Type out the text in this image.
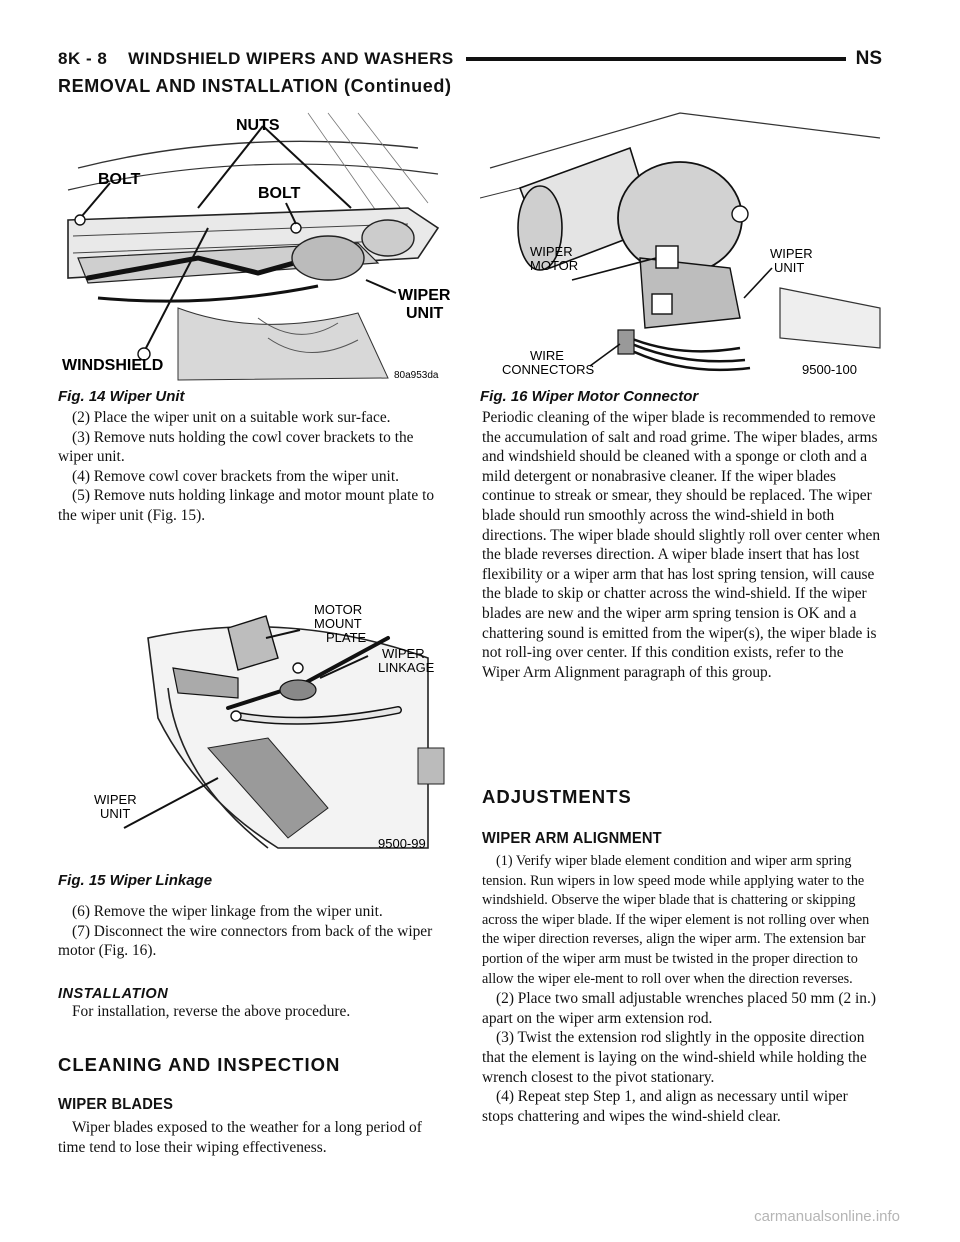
8K - 8    WINDSHIELD WIPERS AND WASHERS	NS
REMOVAL AND INSTALLATION (Continued)
NUTS
BOLT
BOLT
WIPER
UNIT
WINDSHIELD
80a953da
Fig. 14 Wiper Unit

(2) Place the wiper unit on a suitable work sur-face.

(3) Remove nuts holding the cowl cover brackets to the wiper unit.

(4) Remove cowl cover brackets from the wiper unit.

(5) Remove nuts holding linkage and motor mount plate to the wiper unit (Fig. 15).

MOTOR
MOUNT
PLATE
WIPER
LINKAGE
WIPER
UNIT
9500-99
Fig. 15 Wiper Linkage

(6) Remove the wiper linkage from the wiper unit.

(7) Disconnect the wire connectors from back of the wiper motor (Fig. 16).

INSTALLATION

For installation, reverse the above procedure.

CLEANING AND INSPECTION

WIPER BLADES

Wiper blades exposed to the weather for a long period of time tend to lose their wiping effectiveness.

WIPER
MOTOR
WIPER
UNIT
WIRE
CONNECTORS	9500-100
Fig. 16 Wiper Motor Connector

Periodic cleaning of the wiper blade is recommended to remove the accumulation of salt and road grime. The wiper blades, arms and windshield should be cleaned with a sponge or cloth and a mild detergent or nonabrasive cleaner. If the wiper blades continue to streak or smear, they should be replaced. The wiper blade should run smoothly across the wind-shield in both directions. The wiper blade should slightly roll over center when the blade reverses direction. A wiper blade insert that has lost flexibility or a wiper arm that has lost spring tension, will cause the blade to skip or chatter across the wind-shield. If the wiper blades are new and the wiper arm spring tension is OK and a chattering sound is emitted from the wiper(s), the wiper blade is not roll-ing over center. If this condition exists, refer to the Wiper Arm Alignment paragraph of this group.

ADJUSTMENTS

WIPER ARM ALIGNMENT

(1) Verify wiper blade element condition and wiper arm spring tension. Run wipers in low speed mode while applying water to the windshield. Observe the wiper blade that is chattering or skipping across the wiper blade. If the wiper element is not rolling over when the wiper direction reverses, align the wiper arm. The extension bar portion of the wiper arm must be twisted in the proper direction to allow the wiper ele-ment to roll over when the direction reverses.

(2) Place two small adjustable wrenches placed 50 mm (2 in.) apart on the wiper arm extension rod.

(3) Twist the extension rod slightly in the opposite direction that the element is laying on the wind-shield while holding the wrench closest to the pivot stationary.

(4) Repeat step Step 1, and align as necessary until wiper stops chattering and wipes the wind-shield clear.

carmanualsonline.info
